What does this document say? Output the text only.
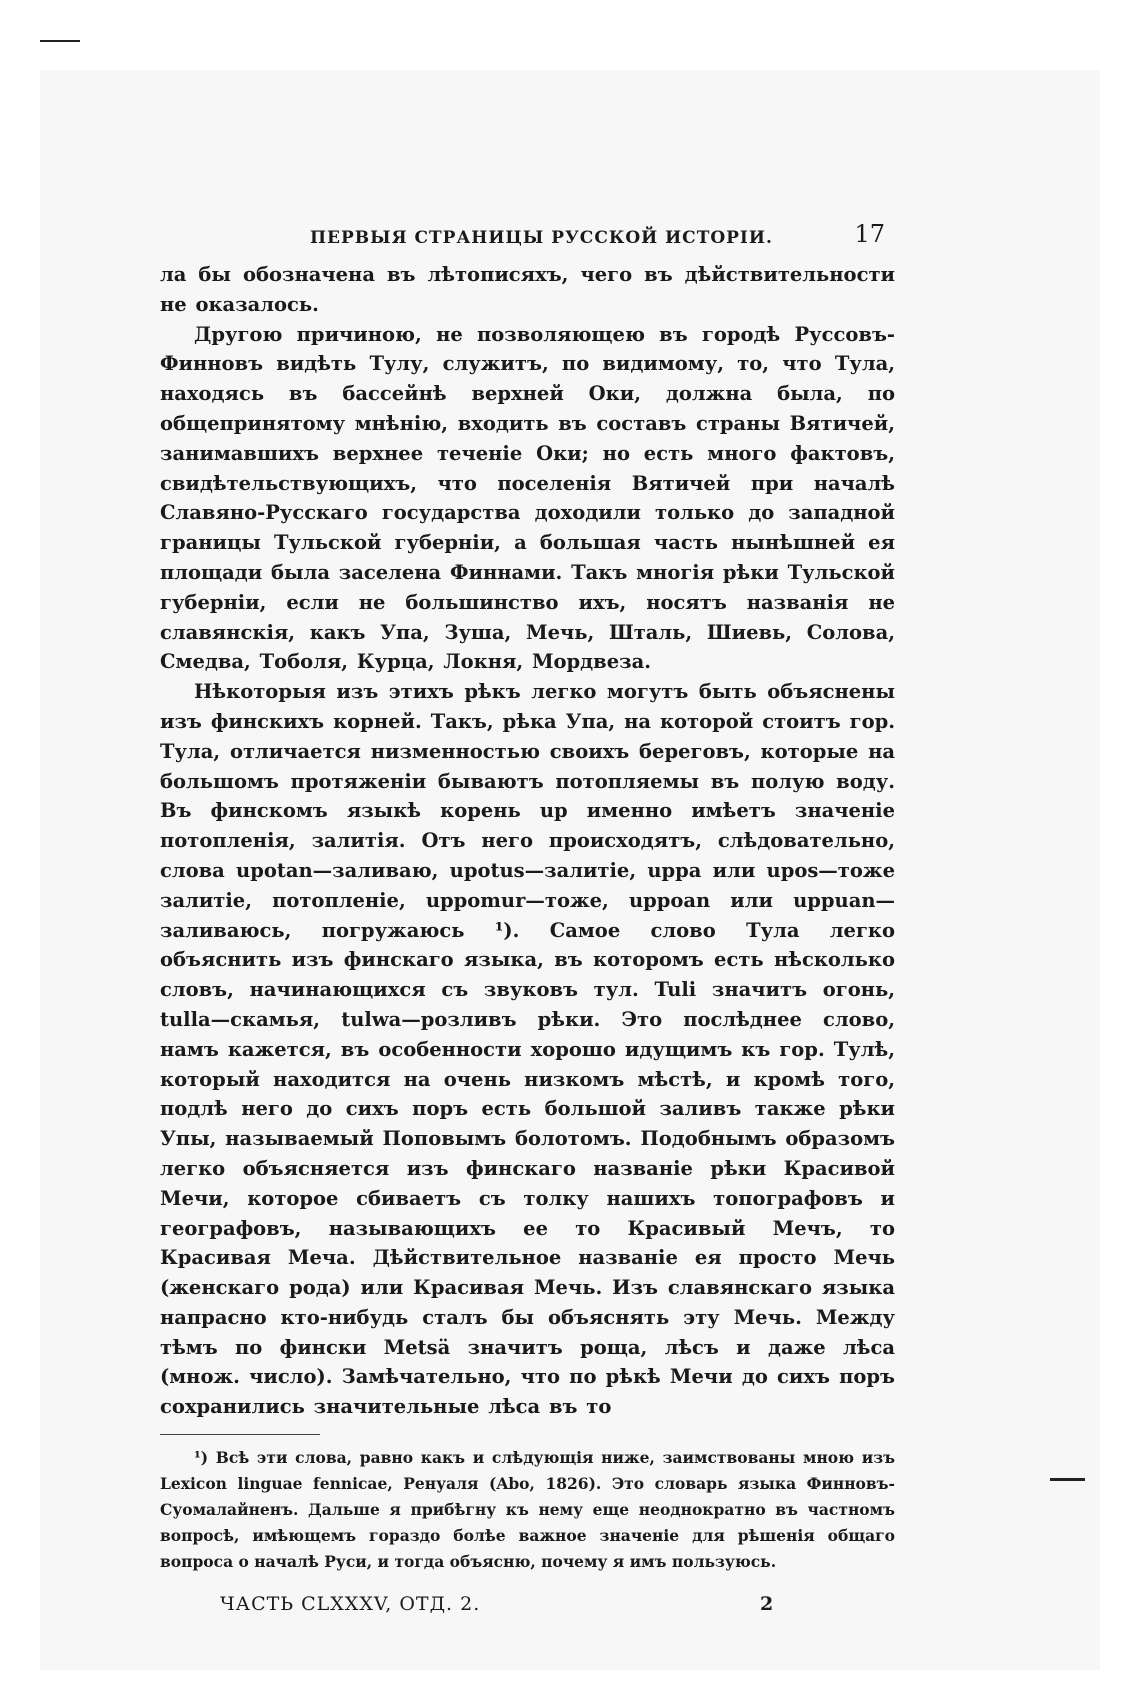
ПЕРВЫЯ СТРАНИЦЫ РУССКОЙ ИСТОРІИ.	17

ла бы обозначена въ лѣтописяхъ, чего въ дѣйствительности не оказалось.

Другою причиною, не позволяющею въ городѣ Руссовъ-Финновъ видѣть Тулу, служитъ, по видимому, то, что Тула, находясь въ бассейнѣ верхней Оки, должна была, по общепринятому мнѣнію, входить въ составъ страны Вятичей, занимавшихъ верхнее теченіе Оки; но есть много фактовъ, свидѣтельствующихъ, что поселенія Вятичей при началѣ Славяно-Русскаго государства доходили только до западной границы Тульской губерніи, а большая часть нынѣшней ея площади была заселена Финнами. Такъ многія рѣки Тульской губерніи, если не большинство ихъ, носятъ названія не славянскія, какъ Упа, Зуша, Мечь, Шталь, Шиевь, Солова, Смедва, Тоболя, Курца, Локня, Мордвеза.

Нѣкоторыя изъ этихъ рѣкъ легко могутъ быть объяснены изъ финскихъ корней. Такъ, рѣка Упа, на которой стоитъ гор. Тула, отличается низменностью своихъ береговъ, которые на большомъ протяженіи бываютъ потопляемы въ полую воду. Въ финскомъ языкѣ корень up именно имѣетъ значеніе потопленія, залитія. Отъ него происходятъ, слѣдовательно, слова upotan—заливаю, upotus—залитіе, uppa или upos—тоже залитіе, потопленіе, uppomur—тоже, uppoan или uppuan—заливаюсь, погружаюсь ¹). Самое слово Тула легко объяснить изъ финскаго языка, въ которомъ есть нѣсколько словъ, начинающихся съ звуковъ тул. Tuli значитъ огонь, tulla—скамья, tulwa—розливъ рѣки. Это послѣднее слово, намъ кажется, въ особенности хорошо идущимъ къ гор. Тулѣ, который находится на очень низкомъ мѣстѣ, и кромѣ того, подлѣ него до сихъ поръ есть большой заливъ также рѣки Упы, называемый Поповымъ болотомъ. Подобнымъ образомъ легко объясняется изъ финскаго названіе рѣки Красивой Мечи, которое сбиваетъ съ толку нашихъ топографовъ и географовъ, называющихъ ее то Красивый Мечъ, то Красивая Меча. Дѣйствительное названіе ея просто Мечь (женскаго рода) или Красивая Мечь. Изъ славянскаго языка напрасно кто-нибудь сталъ бы объяснять эту Мечь. Между тѣмъ по фински Metsä значитъ роща, лѣсъ и даже лѣса (множ. число). Замѣчательно, что по рѣкѣ Мечи до сихъ поръ сохранились значительные лѣса въ то

¹) Всѣ эти слова, равно какъ и слѣдующія ниже, заимствованы мною изъ Lexicon linguae fennicae, Ренуаля (Abo, 1826). Это словарь языка Финновъ-Суомалайненъ. Дальше я прибѣгну къ нему еще неоднократно въ частномъ вопросѣ, имѣющемъ гораздо болѣе важное значеніе для рѣшенія общаго вопроса о началѣ Руси, и тогда объясню, почему я имъ пользуюсь.
ЧАСТЬ CLXXXV, ОТД. 2.	2
